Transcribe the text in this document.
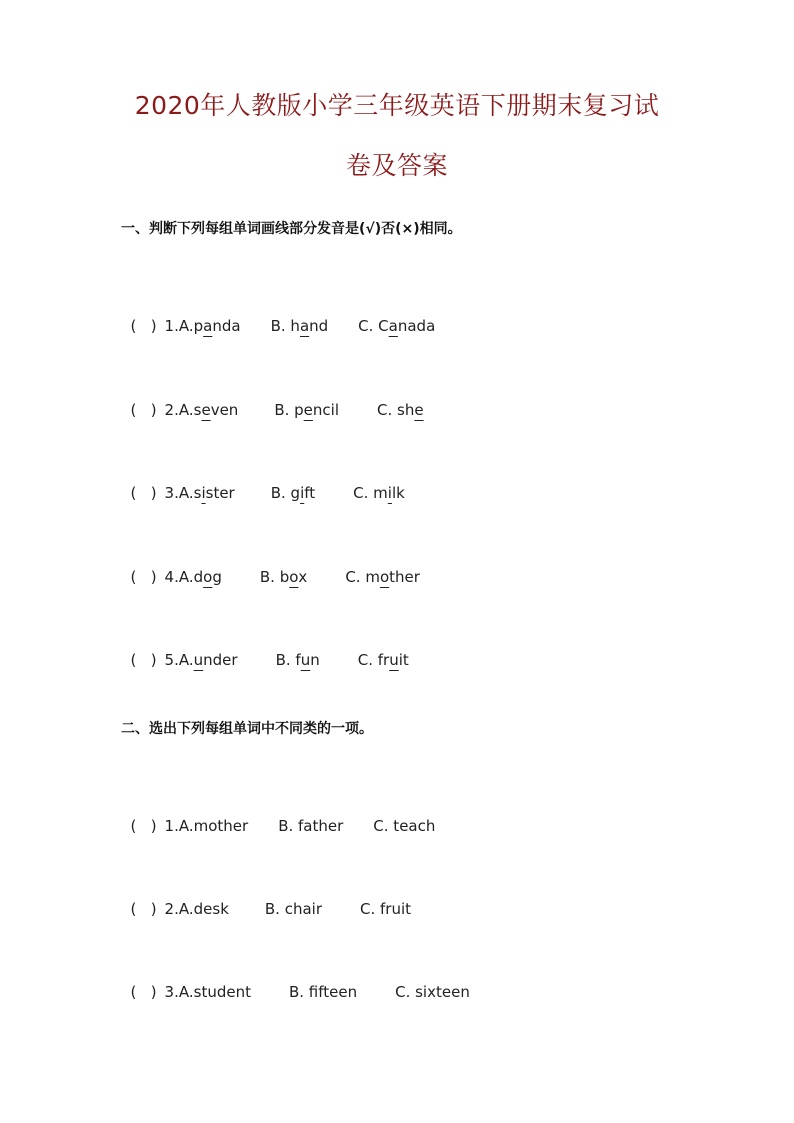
2020年人教版小学三年级英语下册期末复习试
卷及答案
一、判断下列每组单词画线部分发音是(√)否(×)相同。

(   ) 1.A.panda B. hand C. Canada

(   ) 2.A.seven B. pencil	C. she

(   ) 3.A.sister B. gift	C. milk

(   ) 4.A.dog	B. box	C. mother

(   ) 5.A.under	B. fun	C. fruit

二、选出下列每组单词中不同类的一项。

(   ) 1.A.mother B. father C. teach

(   ) 2.A.desk B. chair	C. fruit

(   ) 3.A.student	B. fifteen	C. sixteen
